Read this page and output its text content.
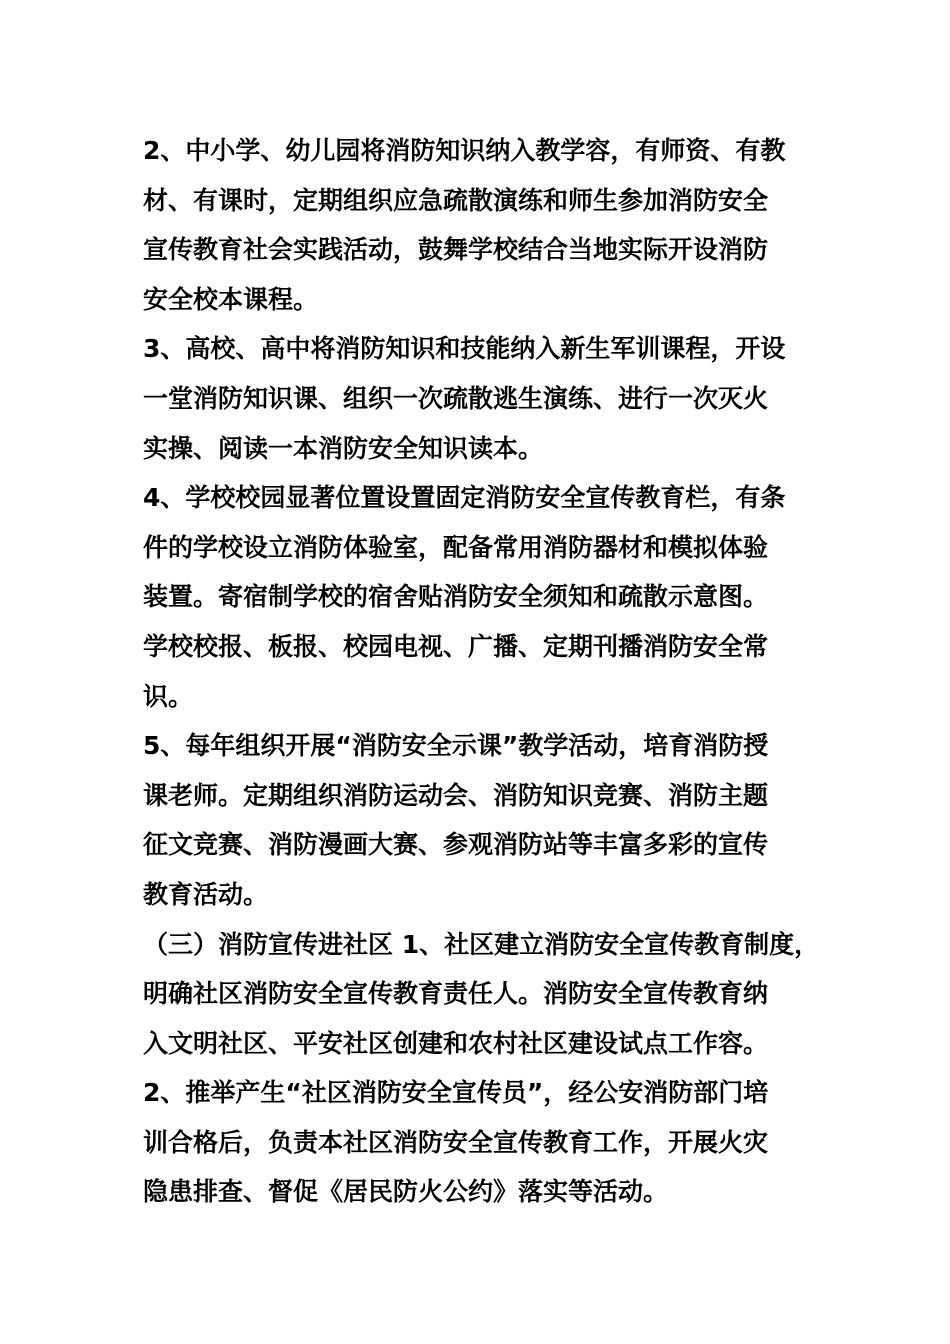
2、中小学、幼儿园将消防知识纳入教学容，有师资、有教
材、有课时，定期组织应急疏散演练和师生参加消防安全
宣传教育社会实践活动，鼓舞学校结合当地实际开设消防
安全校本课程。
3、高校、高中将消防知识和技能纳入新生军训课程，开设
一堂消防知识课、组织一次疏散逃生演练、进行一次灭火
实操、阅读一本消防安全知识读本。
4、学校校园显著位置设置固定消防安全宣传教育栏，有条
件的学校设立消防体验室，配备常用消防器材和模拟体验
装置。寄宿制学校的宿舍贴消防安全须知和疏散示意图。
学校校报、板报、校园电视、广播、定期刊播消防安全常
识。
5、每年组织开展“消防安全示课”教学活动，培育消防授
课老师。定期组织消防运动会、消防知识竞赛、消防主题
征文竞赛、消防漫画大赛、参观消防站等丰富多彩的宣传
教育活动。
（三）消防宣传进社区 1、社区建立消防安全宣传教育制度，
明确社区消防安全宣传教育责任人。消防安全宣传教育纳
入文明社区、平安社区创建和农村社区建设试点工作容。
2、推举产生“社区消防安全宣传员”，经公安消防部门培
训合格后，负责本社区消防安全宣传教育工作，开展火灾
隐患排查、督促《居民防火公约》落实等活动。
